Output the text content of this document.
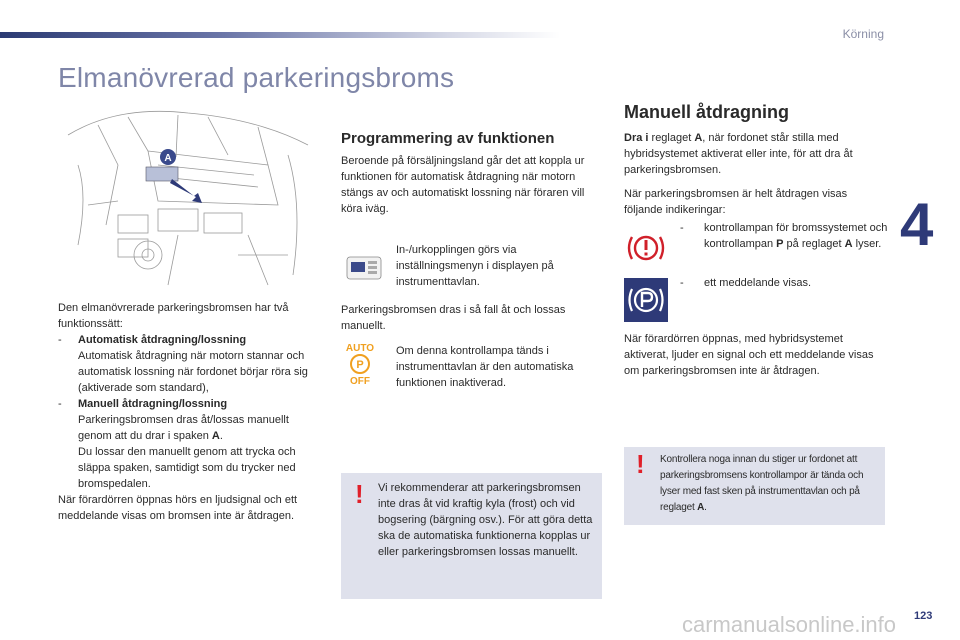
Körning
4
123
Elmanövrerad parkeringsbroms
A
Den elmanövrerade parkeringsbromsen har två funktionssätt:
-	Automatisk åtdragning/lossning
Automatisk åtdragning när motorn stannar och automatisk lossning när fordonet börjar röra sig (aktiverade som standard),
-	Manuell åtdragning/lossning
Parkeringsbromsen dras åt/lossas manuellt genom att du drar i spaken A.
Du lossar den manuellt genom att trycka och släppa spaken, samtidigt som du trycker ned bromspedalen.
När förardörren öppnas hörs en ljudsignal och ett meddelande visas om bromsen inte är åtdragen.
Programmering av funktionen
Beroende på försäljningsland går det att koppla ur funktionen för automatisk åtdragning när motorn stängs av och automatiskt lossning när föraren vill köra iväg.
In-/urkopplingen görs via inställningsmenyn i displayen på instrumenttavlan.
Parkeringsbromsen dras i så fall åt och lossas manuellt.
AUTO
P
OFF
Om denna kontrollampa tänds i instrumenttavlan är den automatiska funktionen inaktiverad.
! Vi rekommenderar att parkeringsbromsen inte dras åt vid kraftig kyla (frost) och vid bogsering (bärgning osv.). För att göra detta ska de automatiska funktionerna kopplas ur eller parkeringsbromsen lossas manuellt.
Manuell åtdragning
Dra i reglaget A, när fordonet står stilla med hybridsystemet aktiverat eller inte, för att dra åt parkeringsbromsen.
När parkeringsbromsen är helt åtdragen visas följande indikeringar:
-	kontrollampan för bromssystemet och kontrollampan P på reglaget A lyser.
-	ett meddelande visas.
När förardörren öppnas, med hybridsystemet aktiverat, ljuder en signal och ett meddelande visas om parkeringsbromsen inte är åtdragen.
! Kontrollera noga innan du stiger ur fordonet att parkeringsbromsens kontrollampor är tända och lyser med fast sken på instrumenttavlan och på reglaget A.
carmanualsonline.info
